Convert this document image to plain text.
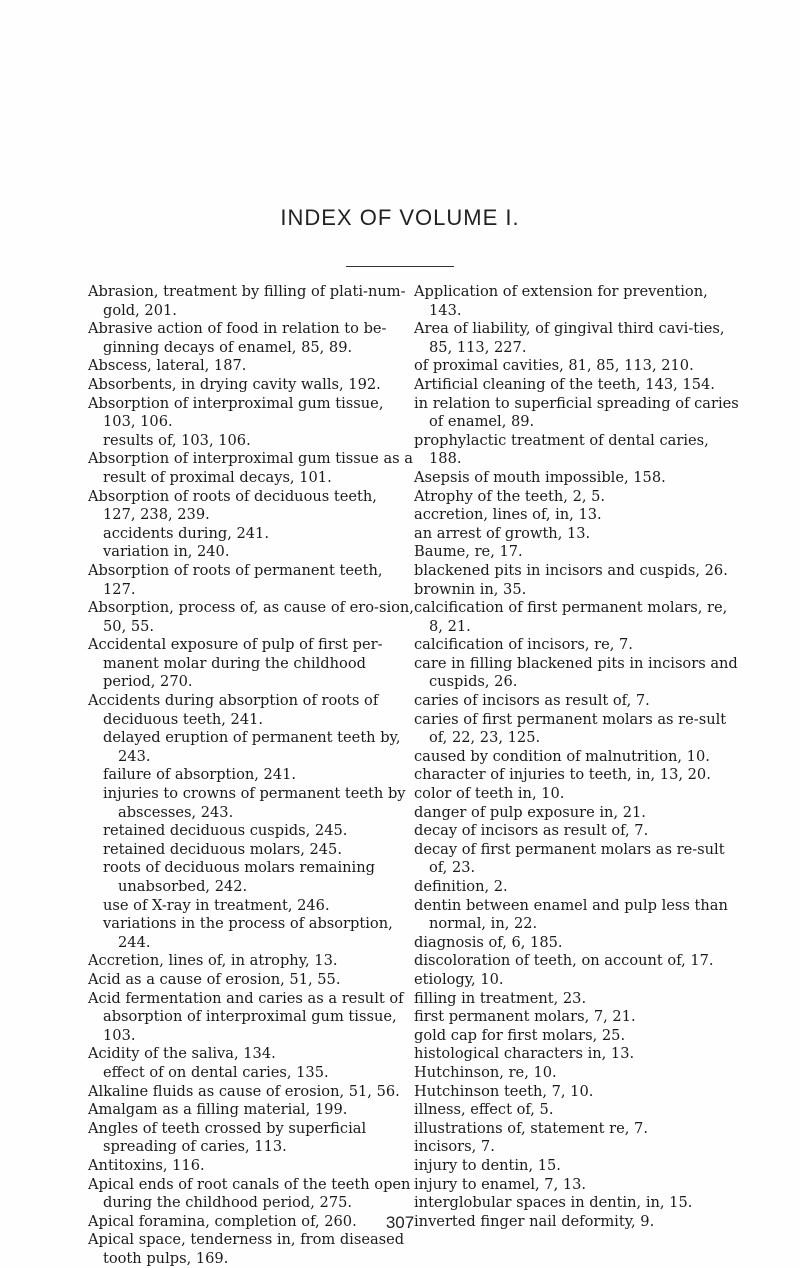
INDEX OF VOLUME I.
Abrasion, treatment by filling of plati-num-gold, 201.
Abrasive action of food in relation to be-ginning decays of enamel, 85, 89.
Abscess, lateral, 187.
Absorbents, in drying cavity walls, 192.
Absorption of interproximal gum tissue, 103, 106.
results of, 103, 106.
Absorption of interproximal gum tissue as a result of proximal decays, 101.
Absorption of roots of deciduous teeth, 127, 238, 239.
accidents during, 241.
variation in, 240.
Absorption of roots of permanent teeth, 127.
Absorption, process of, as cause of ero-sion, 50, 55.
Accidental exposure of pulp of first per-manent molar during the childhood period, 270.
Accidents during absorption of roots of deciduous teeth, 241.
delayed eruption of permanent teeth by, 243.
failure of absorption, 241.
injuries to crowns of permanent teeth by abscesses, 243.
retained deciduous cuspids, 245.
retained deciduous molars, 245.
roots of deciduous molars remaining unabsorbed, 242.
use of X-ray in treatment, 246.
variations in the process of absorption, 244.
Accretion, lines of, in atrophy, 13.
Acid as a cause of erosion, 51, 55.
Acid fermentation and caries as a result of absorption of interproximal gum tissue, 103.
Acidity of the saliva, 134.
effect of on dental caries, 135.
Alkaline fluids as cause of erosion, 51, 56.
Amalgam as a filling material, 199.
Angles of teeth crossed by superficial spreading of caries, 113.
Antitoxins, 116.
Apical ends of root canals of the teeth open during the childhood period, 275.
Apical foramina, completion of, 260.
Apical space, tenderness in, from diseased tooth pulps, 169.
Application of extension for prevention, 143.
Area of liability, of gingival third cavi-ties, 85, 113, 227.
of proximal cavities, 81, 85, 113, 210.
Artificial cleaning of the teeth, 143, 154.
in relation to superficial spreading of caries of enamel, 89.
prophylactic treatment of dental caries, 188.
Asepsis of mouth impossible, 158.
Atrophy of the teeth, 2, 5.
accretion, lines of, in, 13.
an arrest of growth, 13.
Baume, re, 17.
blackened pits in incisors and cuspids, 26.
brownin in, 35.
calcification of first permanent molars, re, 8, 21.
calcification of incisors, re, 7.
care in filling blackened pits in incisors and cuspids, 26.
caries of incisors as result of, 7.
caries of first permanent molars as re-sult of, 22, 23, 125.
caused by condition of malnutrition, 10.
character of injuries to teeth, in, 13, 20.
color of teeth in, 10.
danger of pulp exposure in, 21.
decay of incisors as result of, 7.
decay of first permanent molars as re-sult of, 23.
definition, 2.
dentin between enamel and pulp less than normal, in, 22.
diagnosis of, 6, 185.
discoloration of teeth, on account of, 17.
etiology, 10.
filling in treatment, 23.
first permanent molars, 7, 21.
gold cap for first molars, 25.
histological characters in, 13.
Hutchinson, re, 10.
Hutchinson teeth, 7, 10.
illness, effect of, 5.
illustrations of, statement re, 7.
incisors, 7.
injury to dentin, 15.
injury to enamel, 7, 13.
interglobular spaces in dentin, in, 15.
inverted finger nail deformity, 9.
307
